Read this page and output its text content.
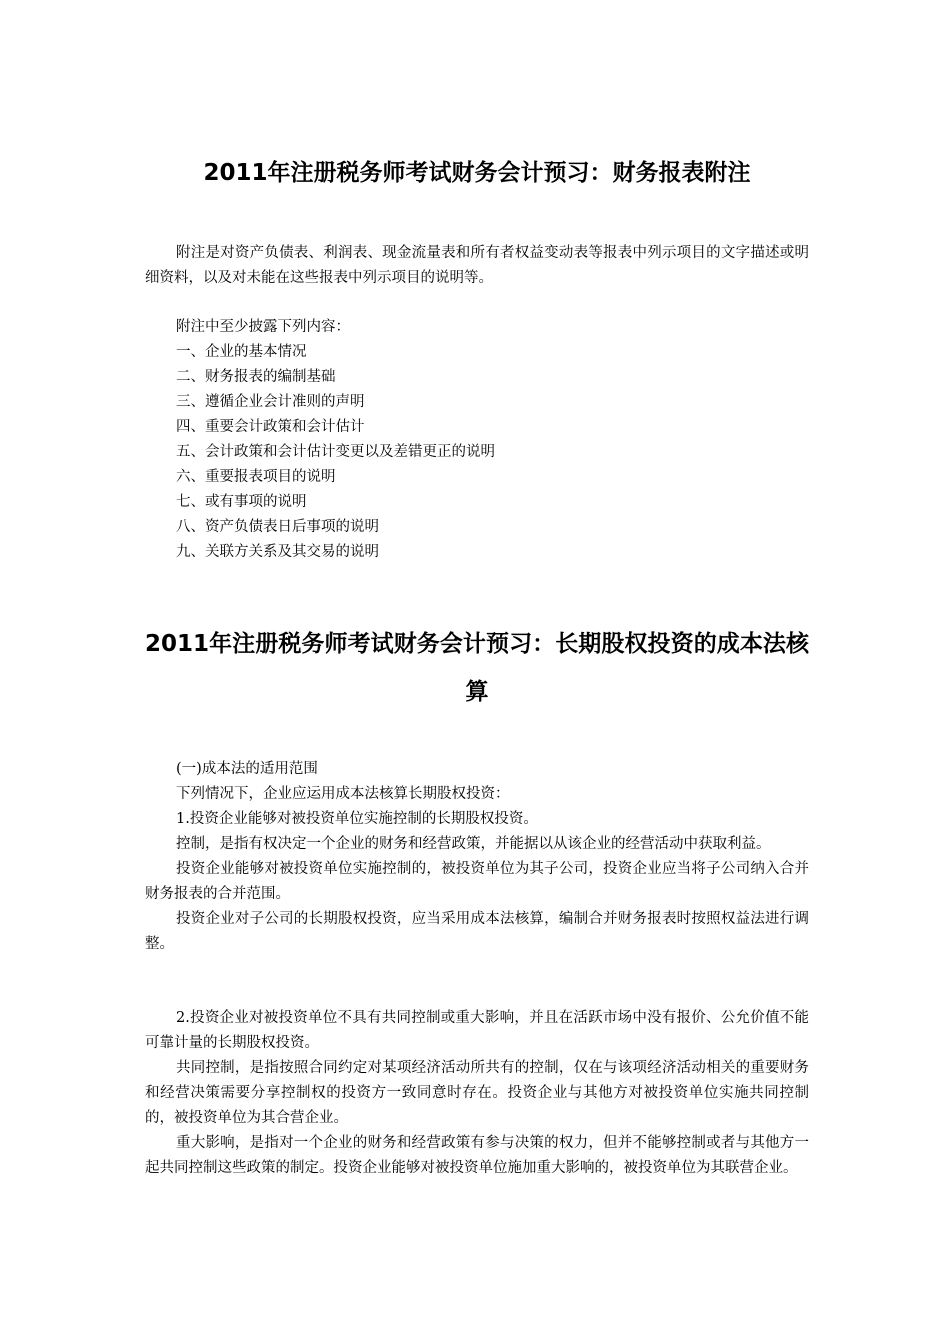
2011年注册税务师考试财务会计预习：财务报表附注

附注是对资产负债表、利润表、现金流量表和所有者权益变动表等报表中列示项目的文字描述或明细资料，以及对未能在这些报表中列示项目的说明等。

附注中至少披露下列内容：

一、企业的基本情况

二、财务报表的编制基础

三、遵循企业会计准则的声明

四、重要会计政策和会计估计

五、会计政策和会计估计变更以及差错更正的说明

六、重要报表项目的说明

七、或有事项的说明

八、资产负债表日后事项的说明

九、关联方关系及其交易的说明

2011年注册税务师考试财务会计预习：长期股权投资的成本法核算

(一)成本法的适用范围

下列情况下，企业应运用成本法核算长期股权投资：

1.投资企业能够对被投资单位实施控制的长期股权投资。

控制，是指有权决定一个企业的财务和经营政策，并能据以从该企业的经营活动中获取利益。

投资企业能够对被投资单位实施控制的，被投资单位为其子公司，投资企业应当将子公司纳入合并财务报表的合并范围。

投资企业对子公司的长期股权投资，应当采用成本法核算，编制合并财务报表时按照权益法进行调整。

2.投资企业对被投资单位不具有共同控制或重大影响，并且在活跃市场中没有报价、公允价值不能可靠计量的长期股权投资。

共同控制，是指按照合同约定对某项经济活动所共有的控制，仅在与该项经济活动相关的重要财务和经营决策需要分享控制权的投资方一致同意时存在。投资企业与其他方对被投资单位实施共同控制的，被投资单位为其合营企业。

重大影响，是指对一个企业的财务和经营政策有参与决策的权力，但并不能够控制或者与其他方一起共同控制这些政策的制定。投资企业能够对被投资单位施加重大影响的，被投资单位为其联营企业。
